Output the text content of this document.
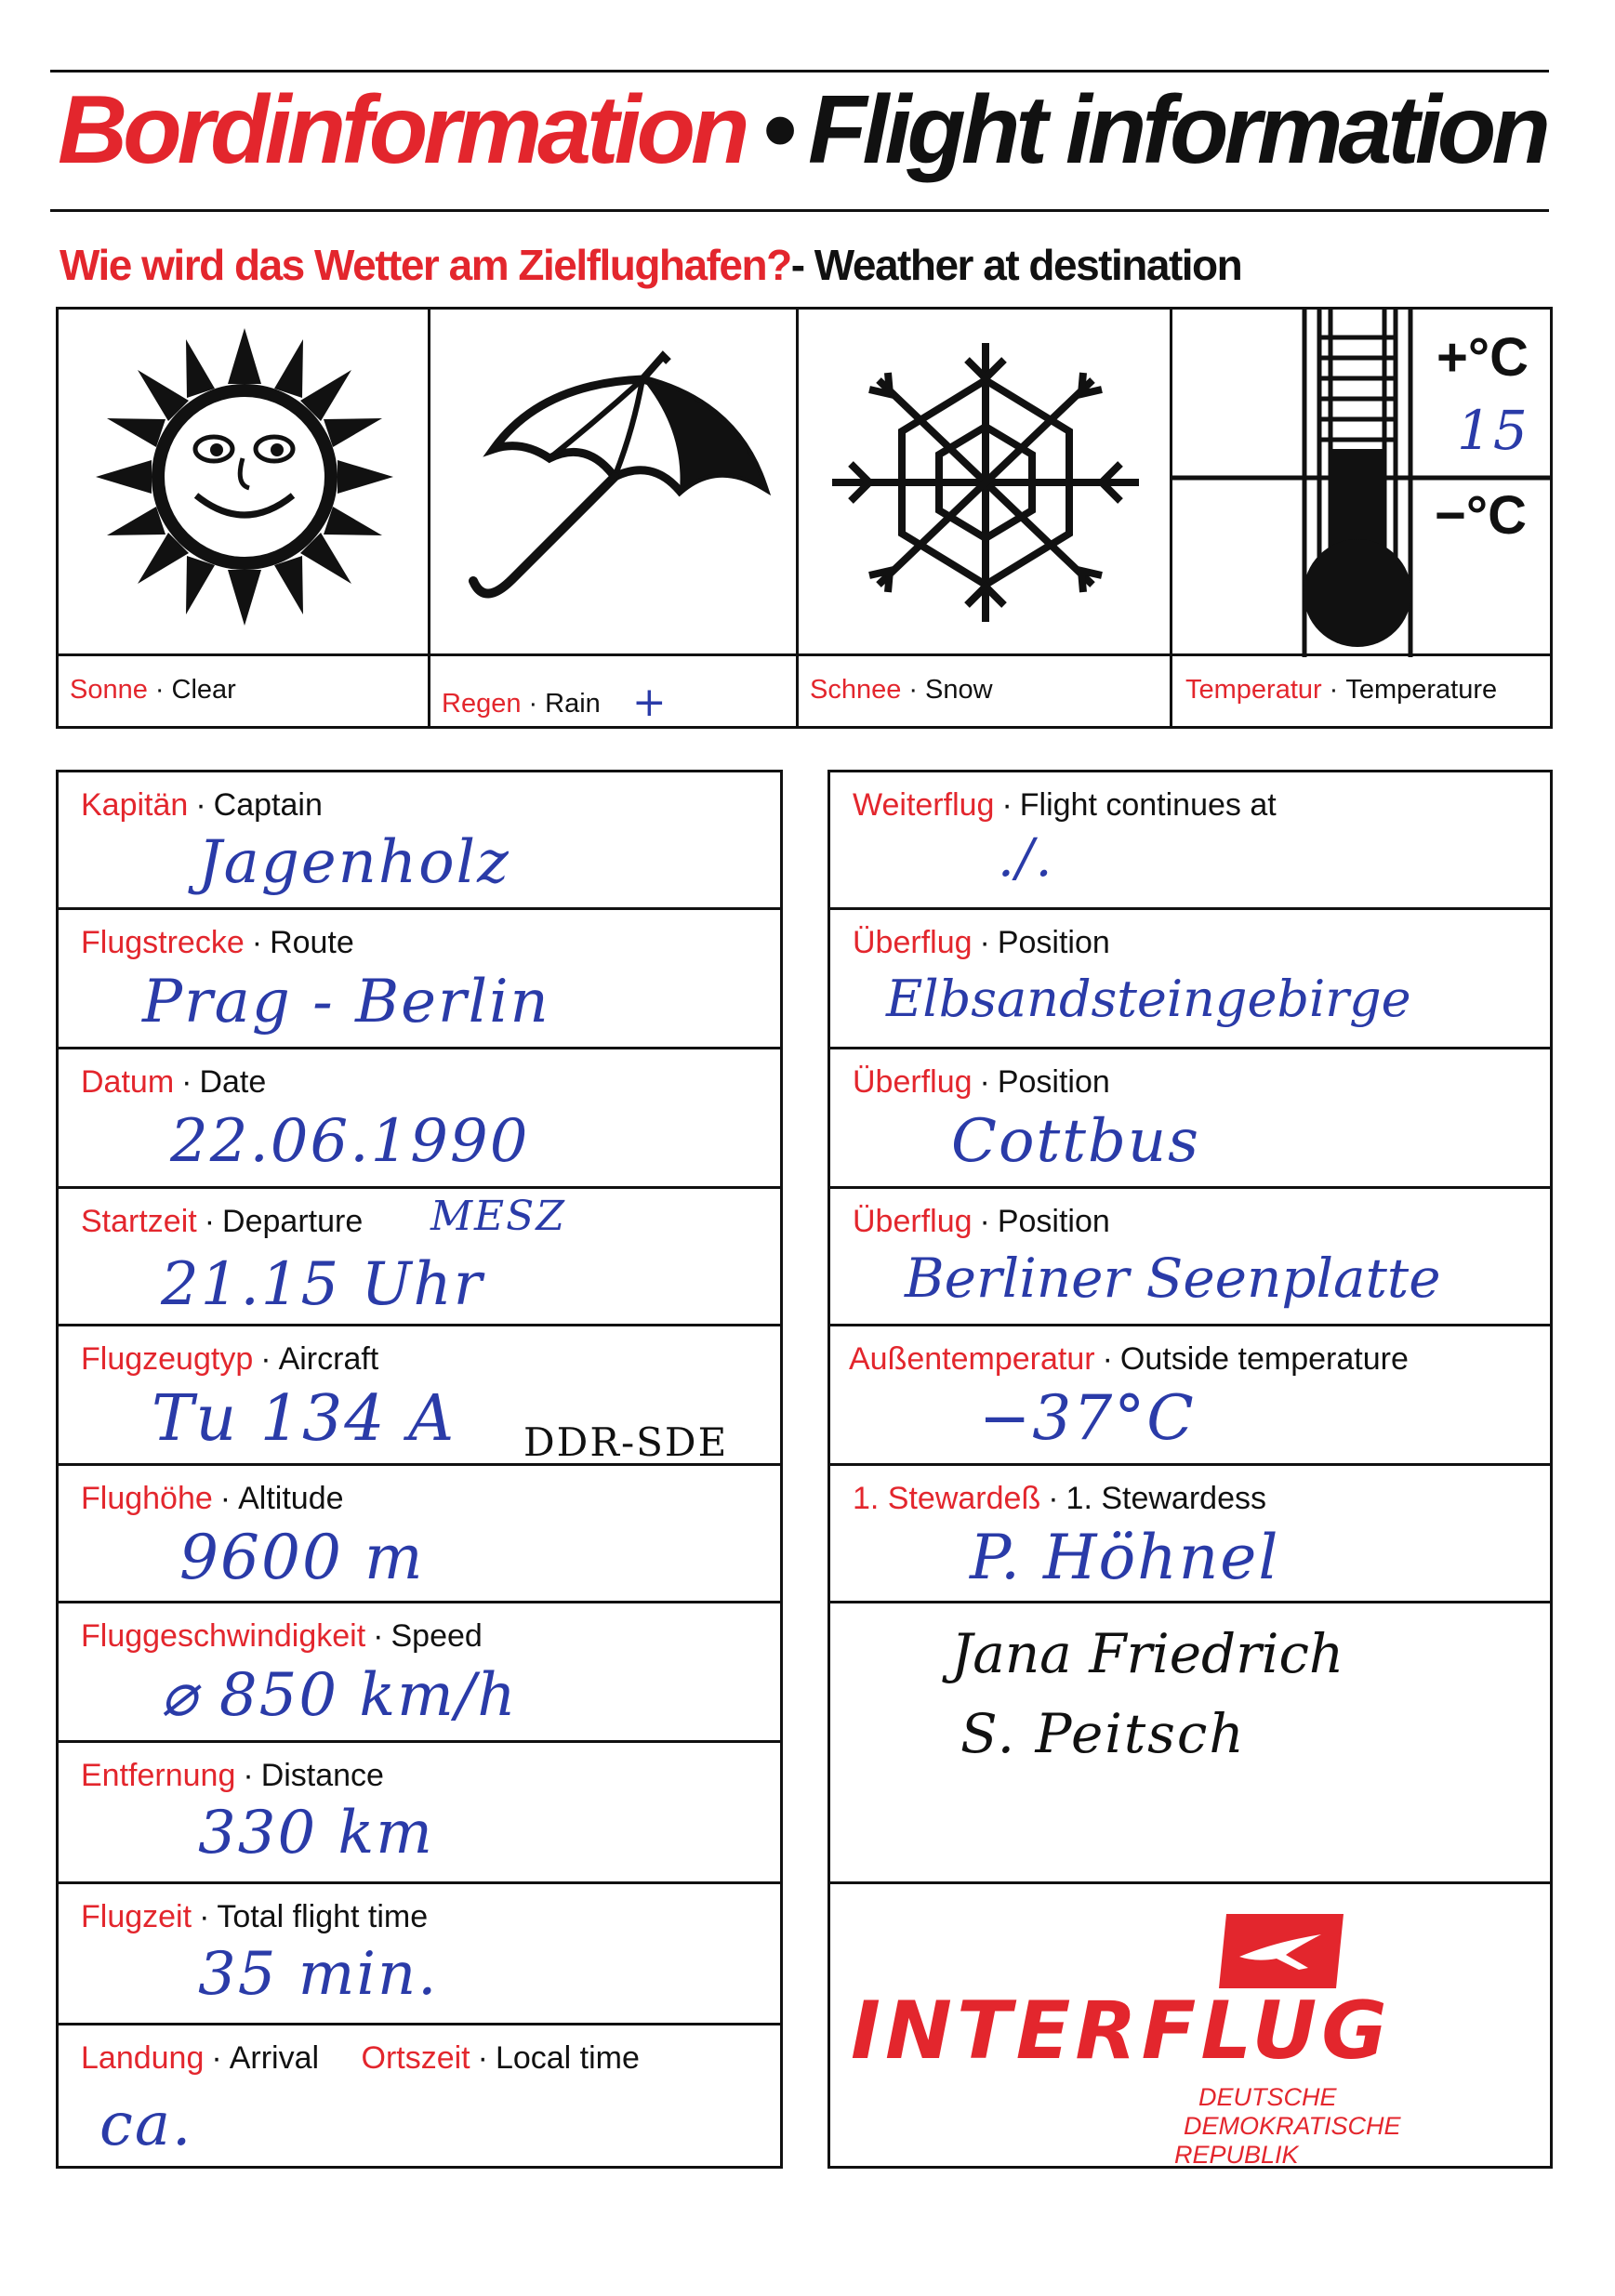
Bordinformation • Flight information
Wie wird das Wetter am Zielflughafen?- Weather at destination
Sonne · Clear	Regen · Rain +	Schnee · Snow
+°C
15
−°C
Temperatur · Temperature
Kapitän · Captain
Jagenholz
Flugstrecke · Route
Prag - Berlin
Datum · Date
22.06.1990
Startzeit · Departure MESZ
21.15 Uhr
Flugzeugtyp · Aircraft
Tu 134 A DDR-SDE
Flughöhe · Altitude
9600 m
Fluggeschwindigkeit · Speed
⌀ 850 km/h
Entfernung · Distance
330 km
Flugzeit · Total flight time
35 min.
Landung · Arrival Ortszeit · Local time
ca.
Weiterflug · Flight continues at
./.
Überflug · Position
Elbsandsteingebirge
Überflug · Position
Cottbus
Überflug · Position
Berliner Seenplatte
Außentemperatur · Outside temperature
−37°C
1. Stewardeß · 1. Stewardess
P. Höhnel
Jana Friedrich
S. Peitsch
INTERFLUG
DEUTSCHE
DEMOKRATISCHE
REPUBLIK
